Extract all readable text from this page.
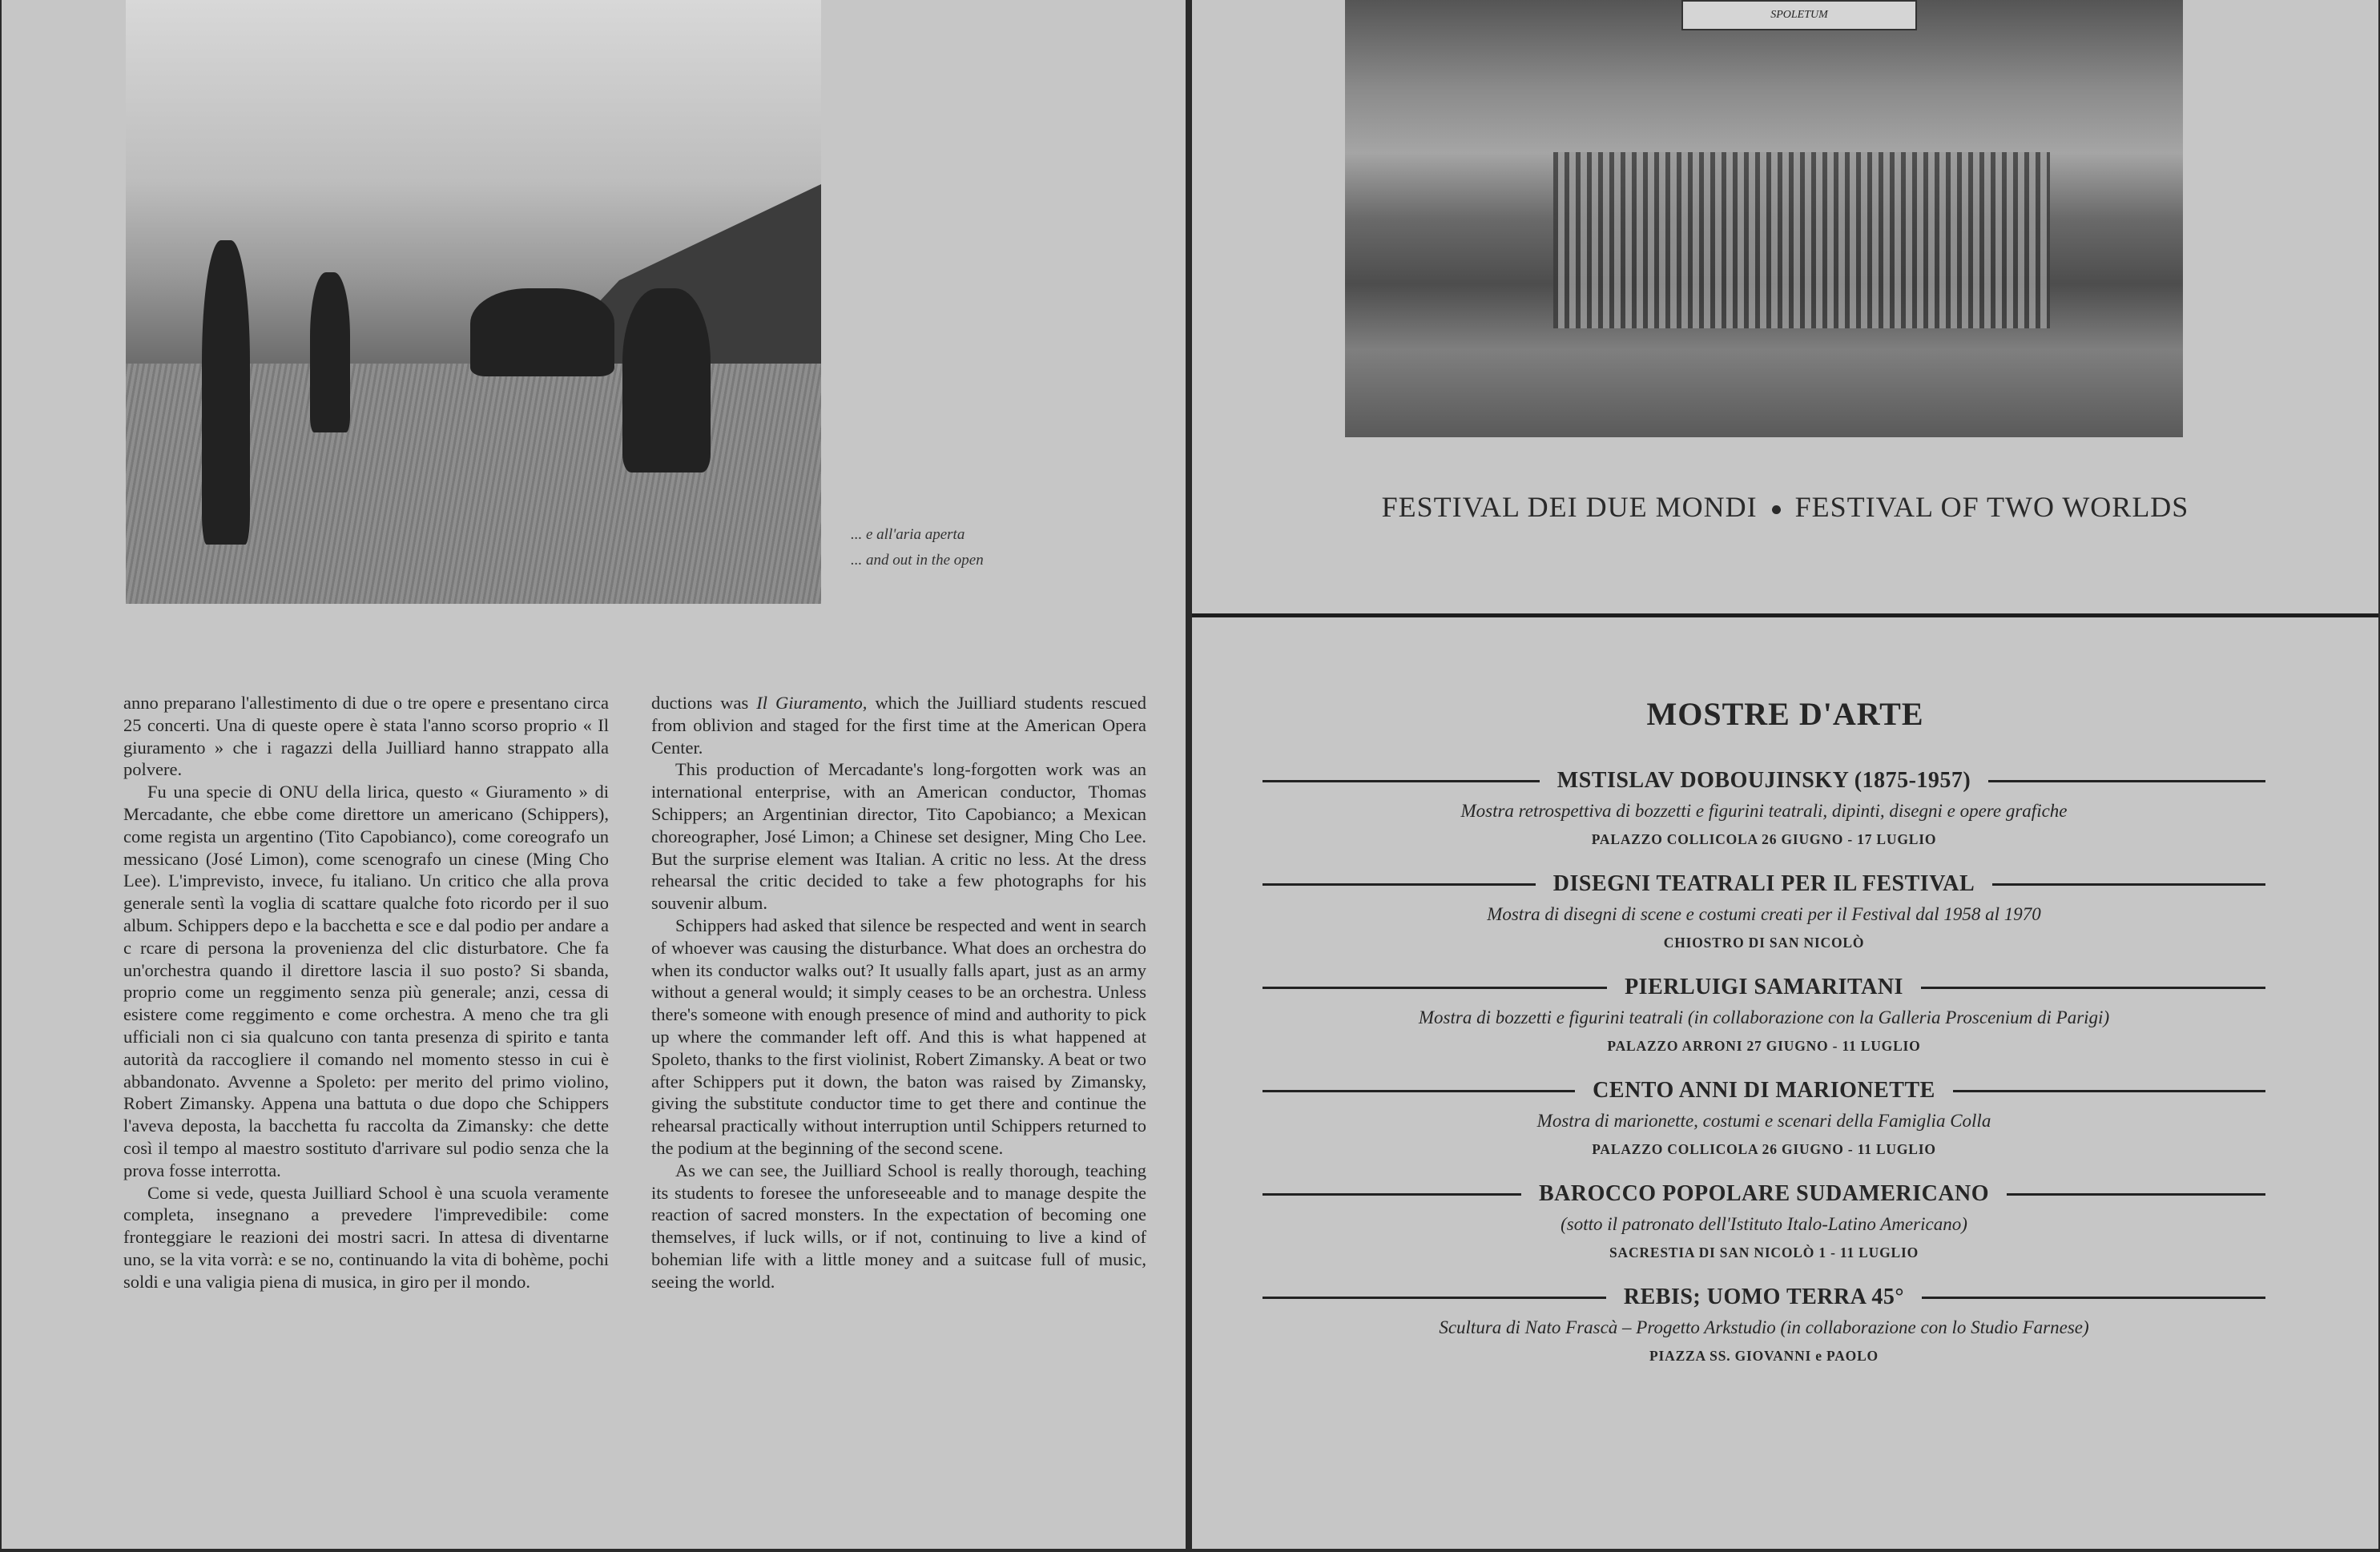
... e all'aria aperta
... and out in the open

anno preparano l'allestimento di due o tre opere e presentano circa 25 concerti. Una di queste opere è stata l'anno scorso proprio « Il giuramento » che i ragazzi della Juilliard hanno strappato alla polvere.

Fu una specie di ONU della lirica, questo « Giuramento » di Mercadante, che ebbe come direttore un americano (Schippers), come regista un argentino (Tito Capobianco), come coreografo un messicano (José Limon), come scenografo un cinese (Ming Cho Lee). L'imprevisto, invece, fu italiano. Un critico che alla prova generale sentì la voglia di scattare qualche foto ricordo per il suo album. Schippers depo e la bacchetta e sce e dal podio per andare a c rcare di persona la provenienza del clic disturbatore. Che fa un'orchestra quando il direttore lascia il suo posto? Si sbanda, proprio come un reggimento senza più generale; anzi, cessa di esistere come reggimento e come orchestra. A meno che tra gli ufficiali non ci sia qualcuno con tanta presenza di spirito e tanta autorità da raccogliere il comando nel momento stesso in cui è abbandonato. Avvenne a Spoleto: per merito del primo violino, Robert Zimansky. Appena una battuta o due dopo che Schippers l'aveva deposta, la bacchetta fu raccolta da Zimansky: che dette così il tempo al maestro sostituto d'arrivare sul podio senza che la prova fosse interrotta.

Come si vede, questa Juilliard School è una scuola veramente completa, insegnano a prevedere l'imprevedibile: come fronteggiare le reazioni dei mostri sacri. In attesa di diventarne uno, se la vita vorrà: e se no, continuando la vita di bohème, pochi soldi e una valigia piena di musica, in giro per il mondo.

ductions was Il Giuramento, which the Juilliard students rescued from oblivion and staged for the first time at the American Opera Center.

This production of Mercadante's long-forgotten work was an international enterprise, with an American conductor, Thomas Schippers; an Argentinian director, Tito Capobianco; a Mexican choreographer, José Limon; a Chinese set designer, Ming Cho Lee. But the surprise element was Italian. A critic no less. At the dress rehearsal the critic decided to take a few photographs for his souvenir album.

Schippers had asked that silence be respected and went in search of whoever was causing the disturbance. What does an orchestra do when its conductor walks out? It usually falls apart, just as an army without a general would; it simply ceases to be an orchestra. Unless there's someone with enough presence of mind and authority to pick up where the commander left off. And this is what happened at Spoleto, thanks to the first violinist, Robert Zimansky. A beat or two after Schippers put it down, the baton was raised by Zimansky, giving the substitute conductor time to get there and continue the rehearsal practically without interruption until Schippers returned to the podium at the beginning of the second scene.

As we can see, the Juilliard School is really thorough, teaching its students to foresee the unforeseeable and to manage despite the reaction of sacred monsters. In the expectation of becoming one themselves, if luck wills, or if not, continuing to live a kind of bohemian life with a little money and a suitcase full of music, seeing the world.

SPOLETUM
FESTIVAL DEI DUE MONDI FESTIVAL OF TWO WORLDS
MOSTRE D'ARTE
MSTISLAV DOBOUJINSKY (1875-1957)
Mostra retrospettiva di bozzetti e figurini teatrali, dipinti, disegni e opere grafiche
PALAZZO COLLICOLA 26 GIUGNO - 17 LUGLIO
DISEGNI TEATRALI PER IL FESTIVAL
Mostra di disegni di scene e costumi creati per il Festival dal 1958 al 1970
CHIOSTRO DI SAN NICOLÒ
PIERLUIGI SAMARITANI
Mostra di bozzetti e figurini teatrali (in collaborazione con la Galleria Proscenium di Parigi)
PALAZZO ARRONI 27 GIUGNO - 11 LUGLIO
CENTO ANNI DI MARIONETTE
Mostra di marionette, costumi e scenari della Famiglia Colla
PALAZZO COLLICOLA 26 GIUGNO - 11 LUGLIO
BAROCCO POPOLARE SUDAMERICANO
(sotto il patronato dell'Istituto Italo-Latino Americano)
SACRESTIA DI SAN NICOLÒ 1 - 11 LUGLIO
REBIS; UOMO TERRA 45°
Scultura di Nato Frascà – Progetto Arkstudio (in collaborazione con lo Studio Farnese)
PIAZZA SS. GIOVANNI e PAOLO
